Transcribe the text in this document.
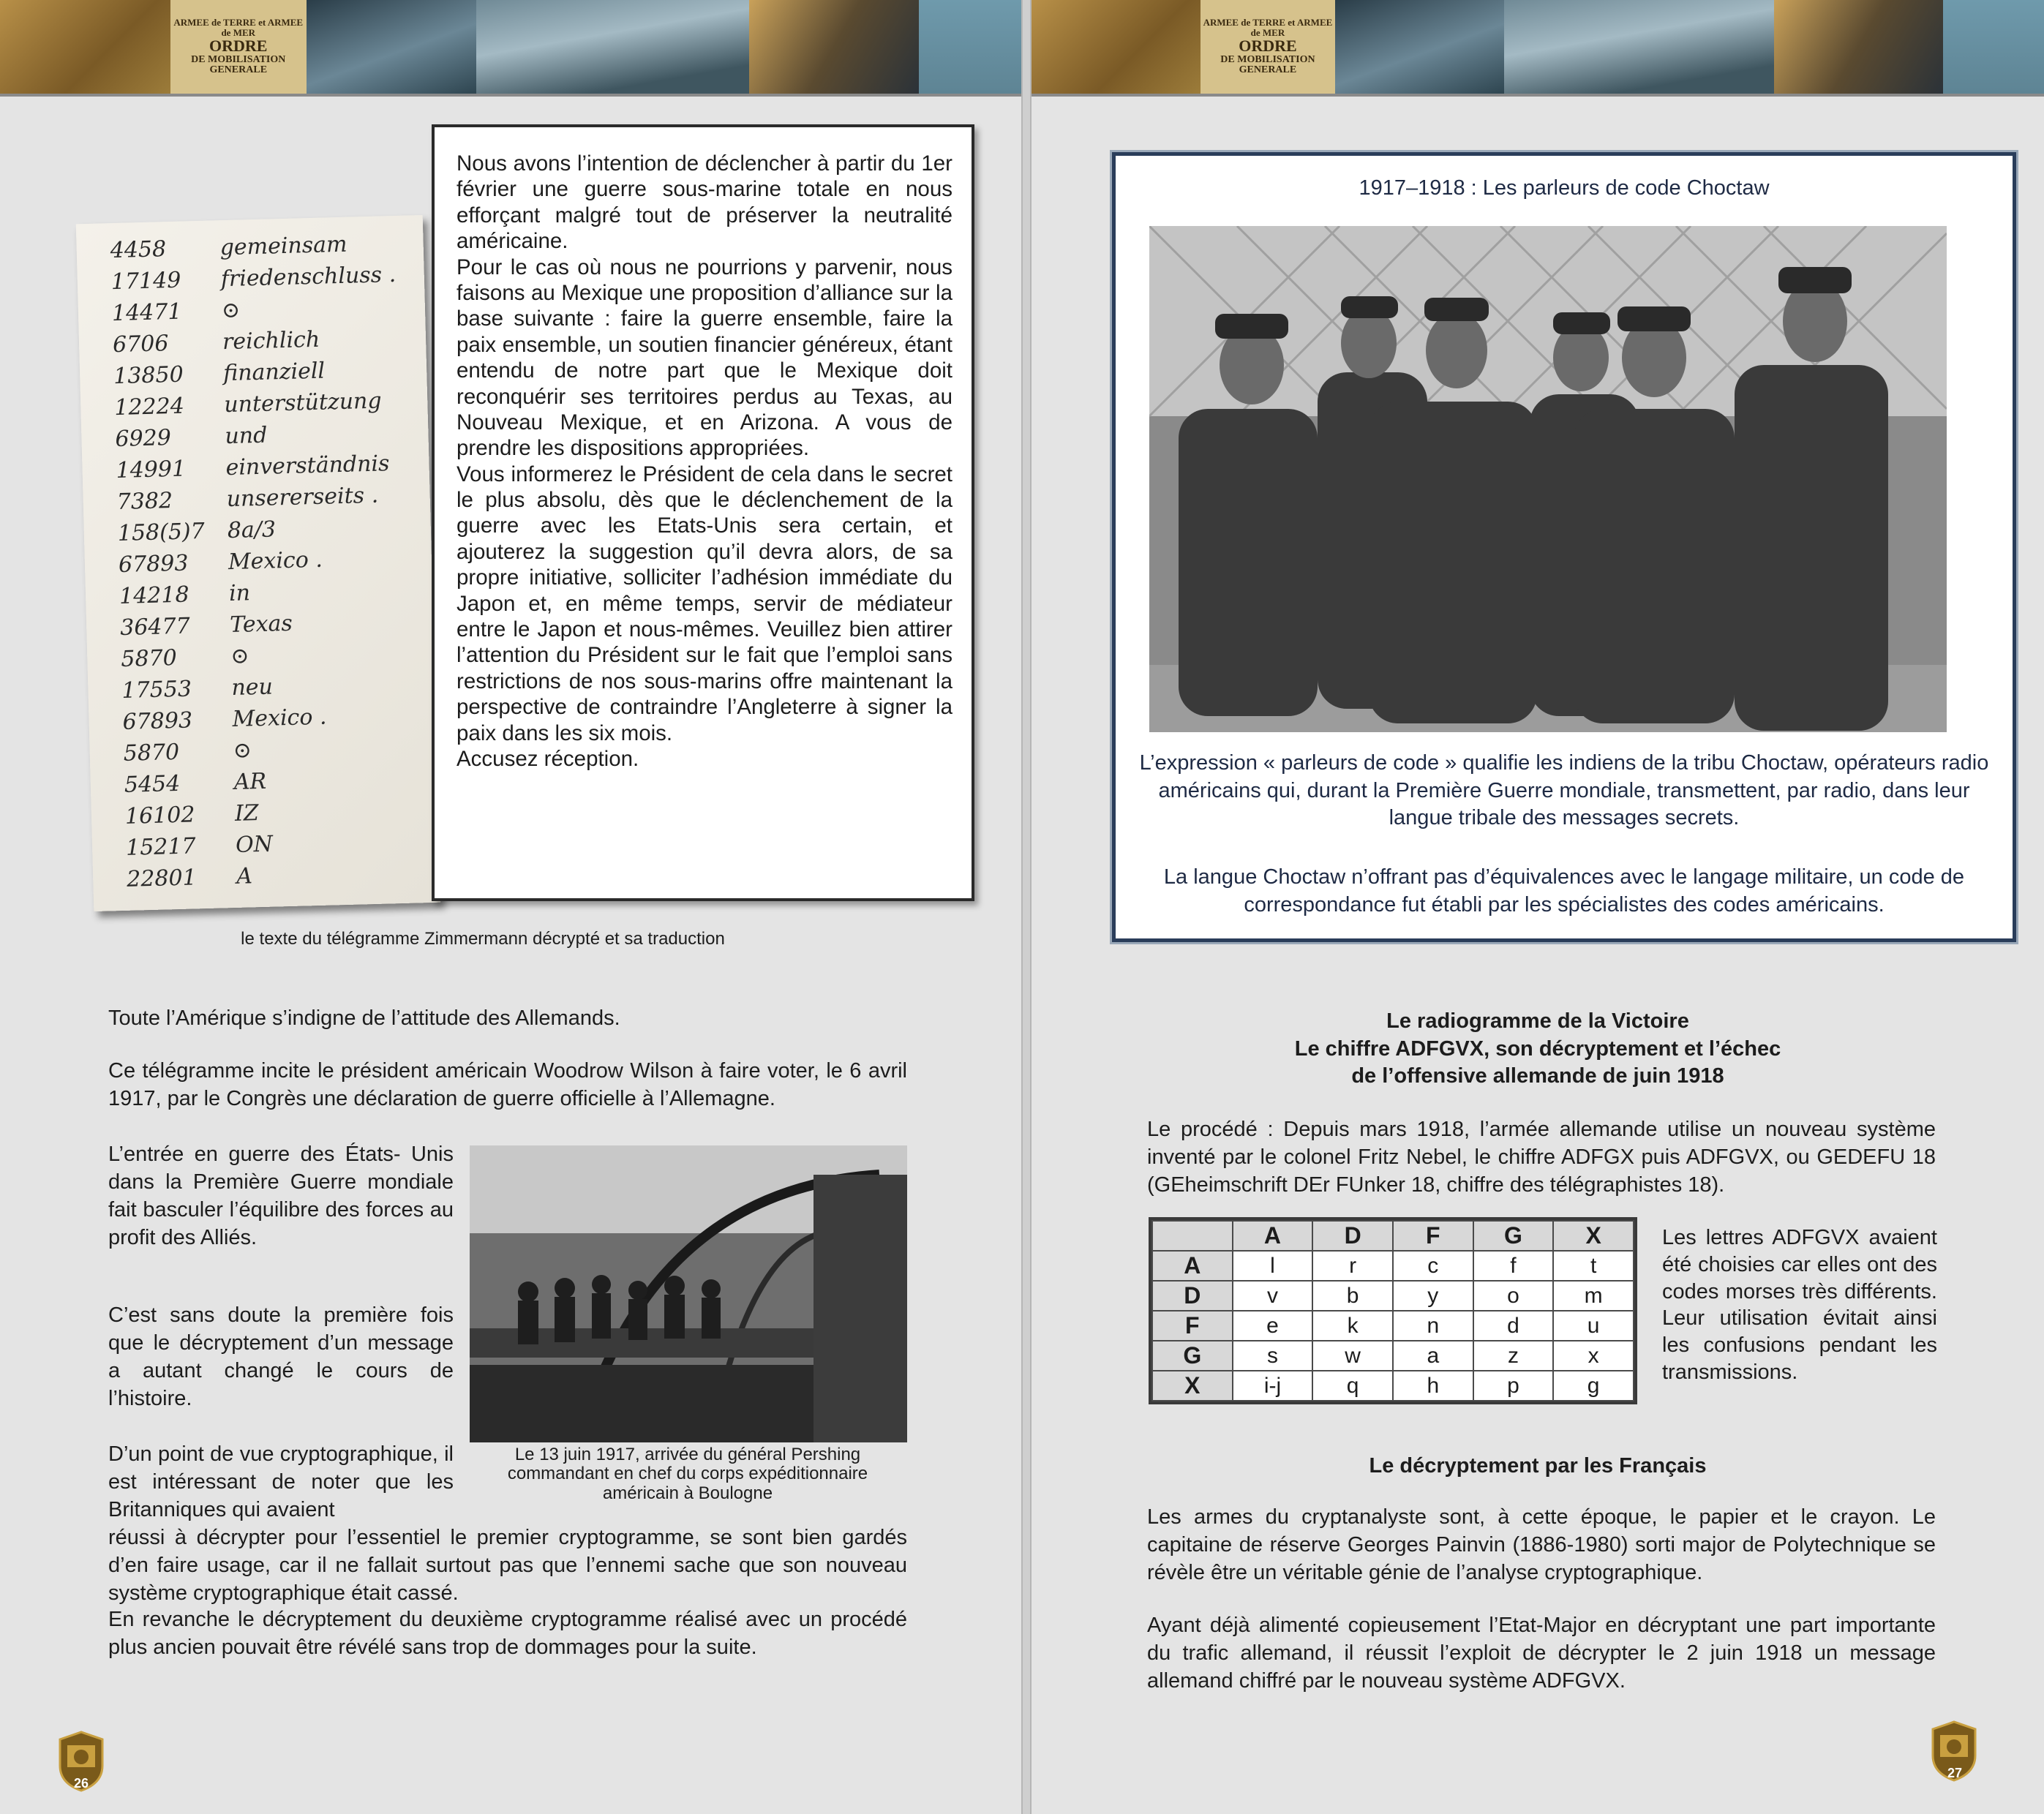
ARMEE de TERRE et ARMEE de MER
ORDRE
DE MOBILISATION GENERALE
4458 gemeinsam
17149 friedenschluss .
14471 ⊙
6706 reichlich
13850 finanziell
12224 unterstützung
6929 und
14991 einverständnis
7382 unsererseits .
158(5)7 8a/3
67893 Mexico .
14218 in
36477 Texas
5870 ⊙
17553 neu
67893 Mexico .
5870 ⊙
5454 AR
16102 IZ
15217 ON
22801 A

Nous avons l’intention de déclencher à partir du 1er février une guerre sous-marine totale en nous efforçant malgré tout de préserver la neutralité américaine.

Pour le cas où nous ne pourrions y parvenir, nous faisons au Mexique une proposition d’alliance sur la base suivante : faire la guerre ensemble, faire la paix ensemble, un soutien financier généreux, étant entendu de notre part que le Mexique doit reconquérir ses territoires perdus au Texas, au Nouveau Mexique, et en Arizona. A vous de prendre les dispositions appropriées.

Vous informerez le Président de cela dans le secret le plus absolu, dès que le déclenchement de la guerre avec les Etats-Unis sera certain, et ajouterez la suggestion qu’il devra alors, de sa propre initiative, solliciter l’adhésion immédiate du Japon et, en même temps, servir de médiateur entre le Japon et nous-mêmes. Veuillez bien attirer l’attention du Président sur le fait que l’emploi sans restrictions de nos sous-marins offre maintenant la perspective de contraindre l’Angleterre à signer la paix dans les six mois.

Accusez réception.

le texte du télégramme Zimmermann décrypté et sa traduction
Toute l’Amérique s’indigne de l’attitude des Allemands.
Ce télégramme incite le président américain Woodrow Wilson à faire voter, le 6 avril 1917, par le Congrès une déclaration de guerre officielle à l’Allemagne.
L’entrée en guerre des États- Unis dans la Première Guerre mondiale fait basculer l’équilibre des forces au profit des Alliés.
C’est sans doute la première fois que le décryptement d’un message a autant changé le cours de l’histoire.
D’un point de vue cryptographique, il est intéressant de noter que les Britanniques qui avaient
réussi à décrypter pour l’essentiel le premier cryptogramme, se sont bien gardés d’en faire usage, car il ne fallait surtout pas que l’ennemi sache que son nouveau système cryptographique était cassé.
En revanche le décryptement du deuxième cryptogramme réalisé avec un procédé plus ancien pouvait être révélé sans trop de dommages pour la suite.
Le 13 juin 1917, arrivée du général Pershing commandant en chef du corps expéditionnaire américain à Boulogne
26
ARMEE de TERRE et ARMEE de MER
ORDRE
DE MOBILISATION GENERALE
1917–1918 : Les parleurs de code Choctaw
L’expression « parleurs de code » qualifie les indiens de la tribu Choctaw, opérateurs radio américains qui, durant la Première Guerre mondiale, transmettent, par radio, dans leur langue tribale des messages secrets.
La langue Choctaw n’offrant pas d’équivalences avec le langage militaire, un code de correspondance fut établi par les spécialistes des codes américains.
Le radiogramme de la Victoire
Le chiffre ADFGVX, son décryptement et l’échec
de l’offensive allemande de juin 1918
Le procédé : Depuis mars 1918, l’armée allemande utilise un nouveau système inventé par le colonel Fritz Nebel, le chiffre ADFGX puis ADFGVX, ou GEDEFU 18 (GEheimschrift DEr FUnker 18, chiffre des télégraphistes 18).
Les lettres ADFGVX avaient été choisies car elles ont des codes morses très différents. Leur utilisation évitait ainsi les confusions pendant les transmissions.
Le décryptement par les Français
Les armes du cryptanalyste sont, à cette époque, le papier et le crayon. Le capitaine de réserve Georges Painvin (1886-1980) sorti major de Polytechnique se révèle être un véritable génie de l’analyse cryptographique.
Ayant déjà alimenté copieusement l’Etat-Major en décryptant une part importante du trafic allemand, il réussit l’exploit de décrypter le 2 juin 1918 un message allemand chiffré par le nouveau système ADFGVX.
27
	A	D	F	G	X
A	l	r	c	f	t
D	v	b	y	o	m
F	e	k	n	d	u
G	s	w	a	z	x
X	i-j	q	h	p	g
